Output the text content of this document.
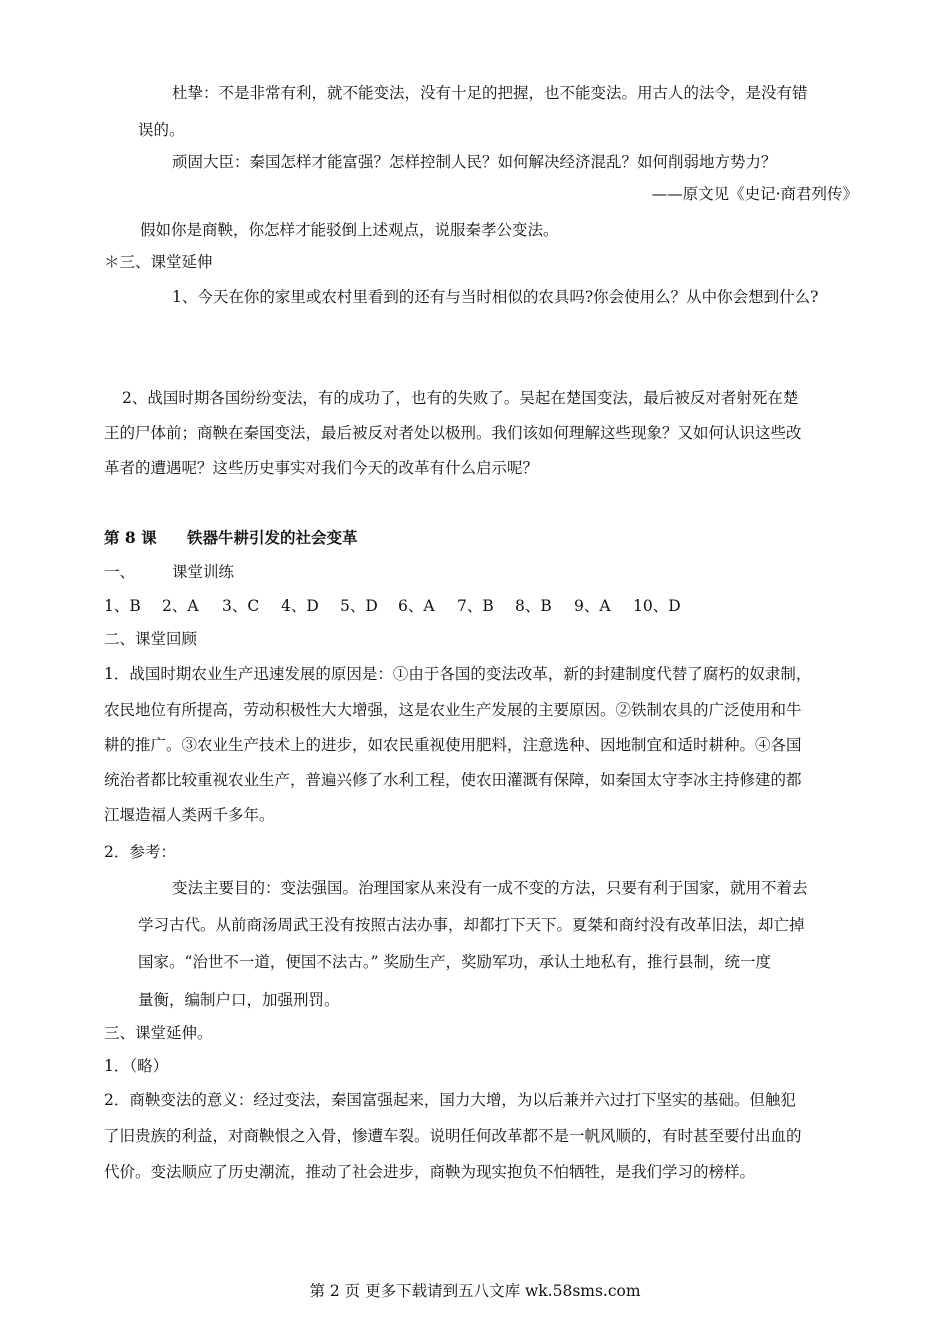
杜挚：不是非常有利，就不能变法，没有十足的把握，也不能变法。用古人的法令，是没有错
误的。
顽固大臣：秦国怎样才能富强？怎样控制人民？如何解决经济混乱？如何削弱地方势力？
——原文见《史记·商君列传》
假如你是商鞅，你怎样才能驳倒上述观点，说服秦孝公变法。
＊三、课堂延伸
1、今天在你的家里或农村里看到的还有与当时相似的农具吗?你会使用么？从中你会想到什么?
2、战国时期各国纷纷变法，有的成功了，也有的失败了。吴起在楚国变法，最后被反对者射死在楚
王的尸体前；商鞅在秦国变法，最后被反对者处以极刑。我们该如何理解这些现象？又如何认识这些改
革者的遭遇呢？这些历史事实对我们今天的改革有什么启示呢？
第 8 课 铁器牛耕引发的社会变革
一、 课堂训练
1、B 2、A 3、C 4、D 5、D 6、A 7、B 8、B 9、A 10、D
二、课堂回顾
1．战国时期农业生产迅速发展的原因是：①由于各国的变法改革，新的封建制度代替了腐朽的奴隶制，
农民地位有所提高，劳动积极性大大增强，这是农业生产发展的主要原因。②铁制农具的广泛使用和牛
耕的推广。③农业生产技术上的进步，如农民重视使用肥料，注意选种、因地制宜和适时耕种。④各国
统治者都比较重视农业生产，普遍兴修了水利工程，使农田灌溉有保障，如秦国太守李冰主持修建的都
江堰造福人类两千多年。
2．参考：
变法主要目的：变法强国。治理国家从来没有一成不变的方法，只要有利于国家，就用不着去
学习古代。从前商汤周武王没有按照古法办事，却都打下天下。夏桀和商纣没有改革旧法，却亡掉
国家。“治世不一道，便国不法古。” 奖励生产，奖励军功，承认土地私有，推行县制，统一度
量衡，编制户口，加强刑罚。
三、课堂延伸。
1．（略）
2．商鞅变法的意义：经过变法，秦国富强起来，国力大增，为以后兼并六过打下坚实的基础。但触犯
了旧贵族的利益，对商鞅恨之入骨，惨遭车裂。说明任何改革都不是一帆风顺的，有时甚至要付出血的
代价。变法顺应了历史潮流，推动了社会进步，商鞅为现实抱负不怕牺牲，是我们学习的榜样。
第 2 页 更多下载请到五八文库 wk.58sms.com
